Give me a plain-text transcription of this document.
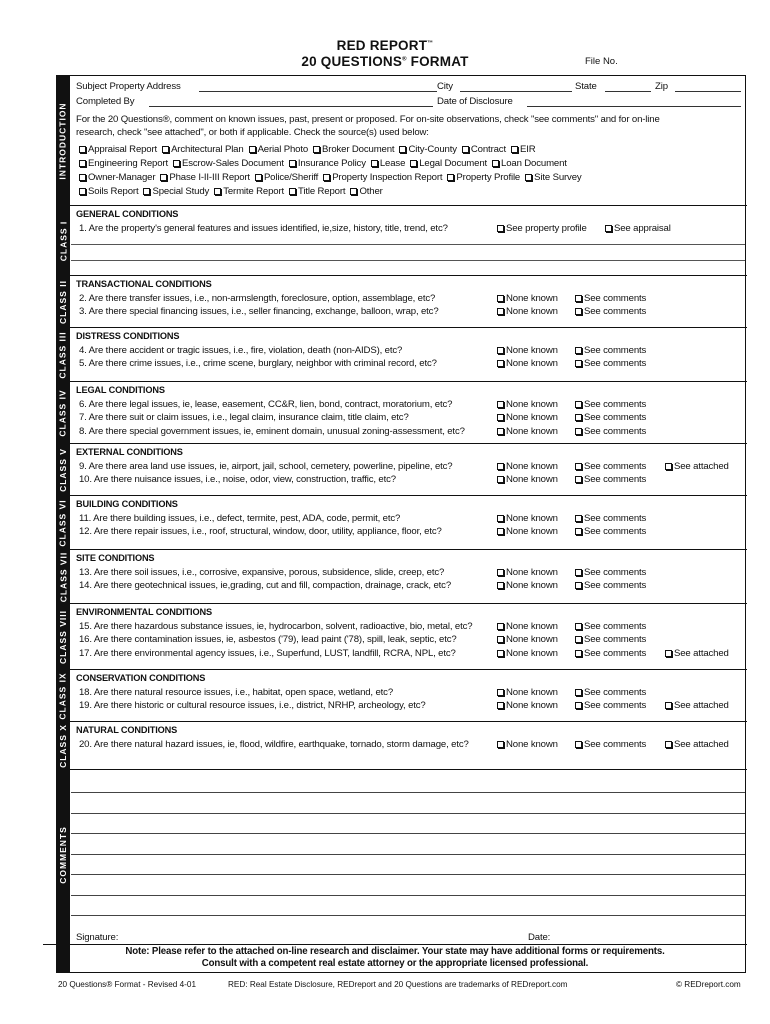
RED REPORT™
20 QUESTIONS® FORMAT	File No.
INTRODUCTION
Subject Property Address	City	State	Zip
Completed By	Date of Disclosure
For the 20 Questions®, comment on known issues, past, present or proposed. For on-site observations, check "see comments" and for on-line
research, check "see attached", or both if applicable. Check the source(s) used below:
Appraisal Report Architectural Plan Aerial Photo Broker Document City-County Contract EIR
Engineering Report Escrow-Sales Document Insurance Policy Lease Legal Document Loan Document
Owner-Manager Phase I-II-III Report Police/Sheriff Property Inspection Report Property Profile Site Survey
Soils Report Special Study Termite Report Title Report Other
CLASS I
GENERAL CONDITIONS
1. Are the property's general features and issues identified, ie,size, history, title, trend, etc?	See property profile	See appraisal
CLASS II TRANSACTIONAL CONDITIONS
2. Are there transfer issues, i.e., non-armslength, foreclosure, option, assemblage, etc?	None known	See comments
3. Are there special financing issues, i.e., seller financing, exchange, balloon, wrap, etc?	None known	See comments
CLASS III DISTRESS CONDITIONS
4. Are there accident or tragic issues, i.e., fire, violation, death (non-AIDS), etc?	None known	See comments
5. Are there crime issues, i.e., crime scene, burglary, neighbor with criminal record, etc?	None known	See comments
CLASS IV LEGAL CONDITIONS
6. Are there legal issues, ie, lease, easement, CC&R, lien, bond, contract, moratorium, etc?	None known	See comments
7. Are there suit or claim issues, i.e., legal claim, insurance claim, title claim, etc?	None known	See comments
8. Are there special government issues, ie, eminent domain, unusual zoning-assessment, etc?	None known	See comments
CLASS V EXTERNAL CONDITIONS
9. Are there area land use issues, ie, airport, jail, school, cemetery, powerline, pipeline, etc?	None known	See comments	See attached
10. Are there nuisance issues, i.e., noise, odor, view, construction, traffic, etc?	None known	See comments
CLASS VI BUILDING CONDITIONS
11. Are there building issues, i.e., defect, termite, pest, ADA, code, permit, etc?	None known	See comments
12. Are there repair issues, i.e., roof, structural, window, door, utility, appliance, floor, etc?	None known	See comments
CLASS VII SITE CONDITIONS
13. Are there soil issues, i.e., corrosive, expansive, porous, subsidence, slide, creep, etc?	None known	See comments
14. Are there geotechnical issues, ie,grading, cut and fill, compaction, drainage, crack, etc?	None known	See comments
CLASS VIII ENVIRONMENTAL CONDITIONS
15. Are there hazardous substance issues, ie, hydrocarbon, solvent, radioactive, bio, metal, etc?	None known	See comments
16. Are there contamination issues, ie, asbestos ('79), lead paint ('78), spill, leak, septic, etc?	None known	See comments
17. Are there environmental agency issues, i.e., Superfund, LUST, landfill, RCRA, NPL, etc?	None known	See comments	See attached
CLASS IX CONSERVATION CONDITIONS
18. Are there natural resource issues, i.e., habitat, open space, wetland, etc?	None known	See comments
19. Are there historic or cultural resource issues, i.e., district, NRHP, archeology, etc?	None known	See comments	See attached
CLASS X NATURAL CONDITIONS
20. Are there natural hazard issues, ie, flood, wildfire, earthquake, tornado, storm damage, etc?	None known	See comments	See attached
COMMENTS
Signature:	Date:
Note: Please refer to the attached on-line research and disclaimer. Your state may have additional forms or requirements.
Consult with a competent real estate attorney or the appropriate licensed professional.
20 Questions® Format - Revised 4-01	RED: Real Estate Disclosure, REDreport and 20 Questions are trademarks of REDreport.com	© REDreport.com
